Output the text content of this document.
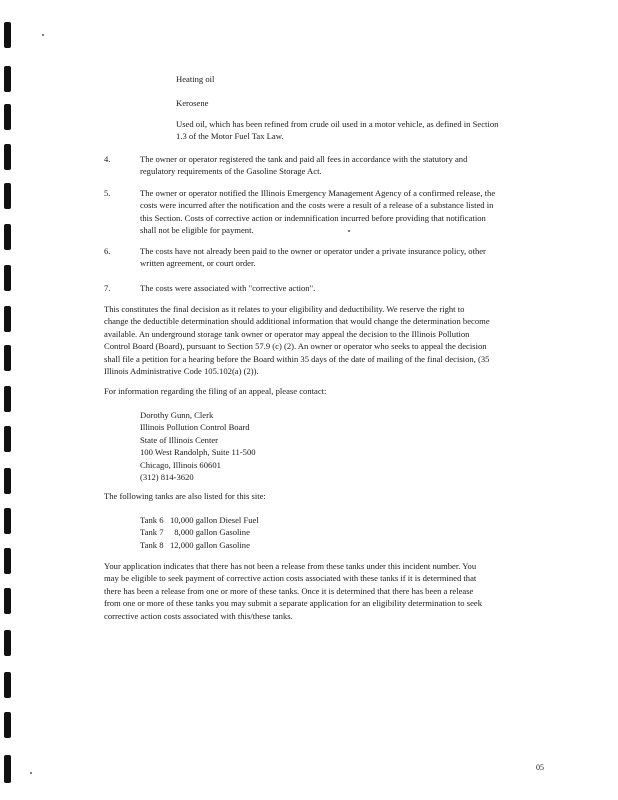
Heating oil
Kerosene
Used oil, which has been refined from crude oil used in a motor vehicle, as defined in Section
1.3 of the Motor Fuel Tax Law.
4.	The owner or operator registered the tank and paid all fees in accordance with the statutory and
regulatory requirements of the Gasoline Storage Act.
5.	The owner or operator notified the Illinois Emergency Management Agency of a confirmed release, the
costs were incurred after the notification and the costs were a result of a release of a substance listed in
this Section. Costs of corrective action or indemnification incurred before providing that notification
shall not be eligible for payment.
6.	The costs have not already been paid to the owner or operator under a private insurance policy, other
written agreement, or court order.
7.	The costs were associated with "corrective action".
This constitutes the final decision as it relates to your eligibility and deductibility. We reserve the right to
change the deductible determination should additional information that would change the determination become
available. An underground storage tank owner or operator may appeal the decision to the Illinois Pollution
Control Board (Board), pursuant to Section 57.9 (c) (2). An owner or operator who seeks to appeal the decision
shall file a petition for a hearing before the Board within 35 days of the date of mailing of the final decision, (35
Illinois Administrative Code 105.102(a) (2)).
For information regarding the filing of an appeal, please contact:
Dorothy Gunn, Clerk
Illinois Pollution Control Board
State of Illinois Center
100 West Randolph, Suite 11-500
Chicago, Illinois 60601
(312) 814-3620
The following tanks are also listed for this site:
Tank 6   10,000 gallon Diesel Fuel
Tank 7     8,000 gallon Gasoline
Tank 8   12,000 gallon Gasoline
Your application indicates that there has not been a release from these tanks under this incident number. You
may be eligible to seek payment of corrective action costs associated with these tanks if it is determined that
there has been a release from one or more of these tanks. Once it is determined that there has been a release
from one or more of these tanks you may submit a separate application for an eligibility determination to seek
corrective action costs associated with this/these tanks.
05
